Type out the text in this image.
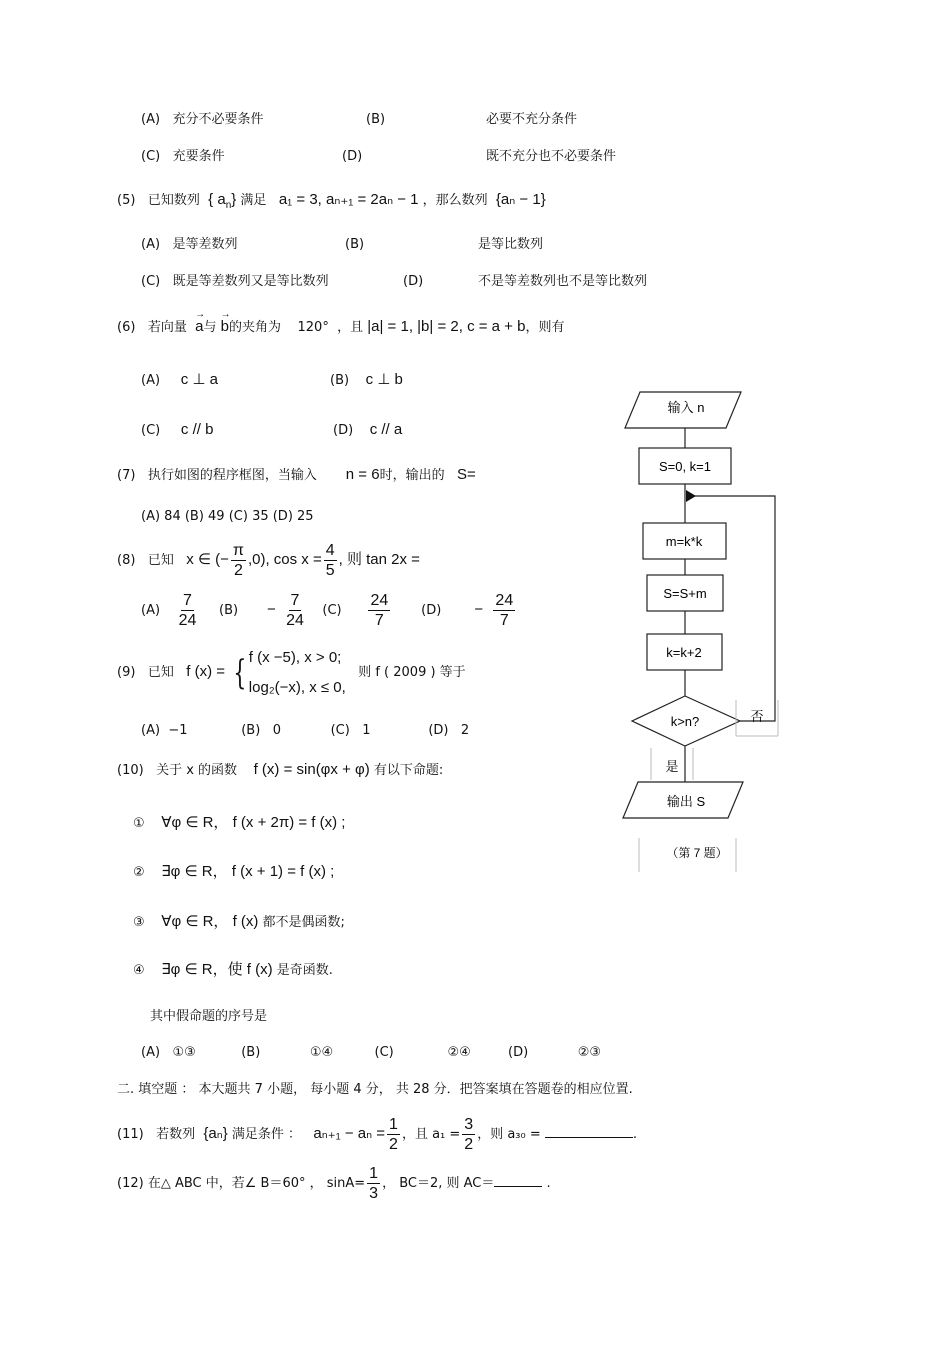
(A) 充分不必要条件	(B)	必要不充分条件
(C) 充要条件	(D)	既不充分也不必要条件
(5) 已知数列 { $a_n$} 满足 a₁ = 3, aₙ₊₁ = 2aₙ − 1 ，那么数列 {aₙ − 1}
(A) 是等差数列	(B)	是等比数列
(C) 既是等差数列又是等比数列	(D)	不是等差数列也不是等比数列
(6) 若向量 → a与 → b的夹角为 120° ，且 |a| = 1, |b| = 2, c = a + b，则有
(A) c ⊥ a	(B) c ⊥ b
(C) c // b	(D) c // a
(7) 执行如图的程序框图，当输入 n = 6时，输出的 S=
(A) 84 (B) 49 (C) 35 (D) 25
(8) 已知 x ∈ (− $\frac{\pi}{2} ,0$), $\cos x = \frac{4}{5}$ , 则 tan 2x =
$(A) \frac{7}{24} (B) - \frac{7}{24} (C) \frac{24}{7} (D) - \frac{24}{7}$
(9) 已知 f (x) = { f (x −5), x > 0;
log₂(−x), x ≤ 0,
则 f ( 2009 ) 等于
(A) −1	(B) 0	(C) 1	(D) 2
(10) 关于 x 的函数 f (x) = sin(φx + φ) 有以下命题:
① ∀φ ∈ R， f (x + 2π) = f (x) ;
② ∃φ ∈ R， f (x + 1) = f (x) ;
③ ∀φ ∈ R， f (x) 都不是偶函数;
④ ∃φ ∈ R，使 f (x) 是奇函数.
其中假命题的序号是
(A) ①③	(B)	①④	(C)	②④	(D)	②③
二. 填空题 ： 本大题共 7 小题， 每小题 4 分， 共 28 分．把答案填在答题卷的相应位置.
(11) 若数列 {aₙ} 满足条件 ： $a_{n+1} - a_n = \frac{1}{2}$ ，且 $a_1 = \frac{3}{2}$ ，则 a₃₀ =	.
(12) 在△ ABC 中，若∠ B＝60° ， $\sin A= \frac{1}{3}$ ， BC＝2, 则 AC＝	.
输入 n
S=0, k=1
m=k*k
S=S+m
k=k+2
k>n?	否
是
输出 S
（第 7 题）
